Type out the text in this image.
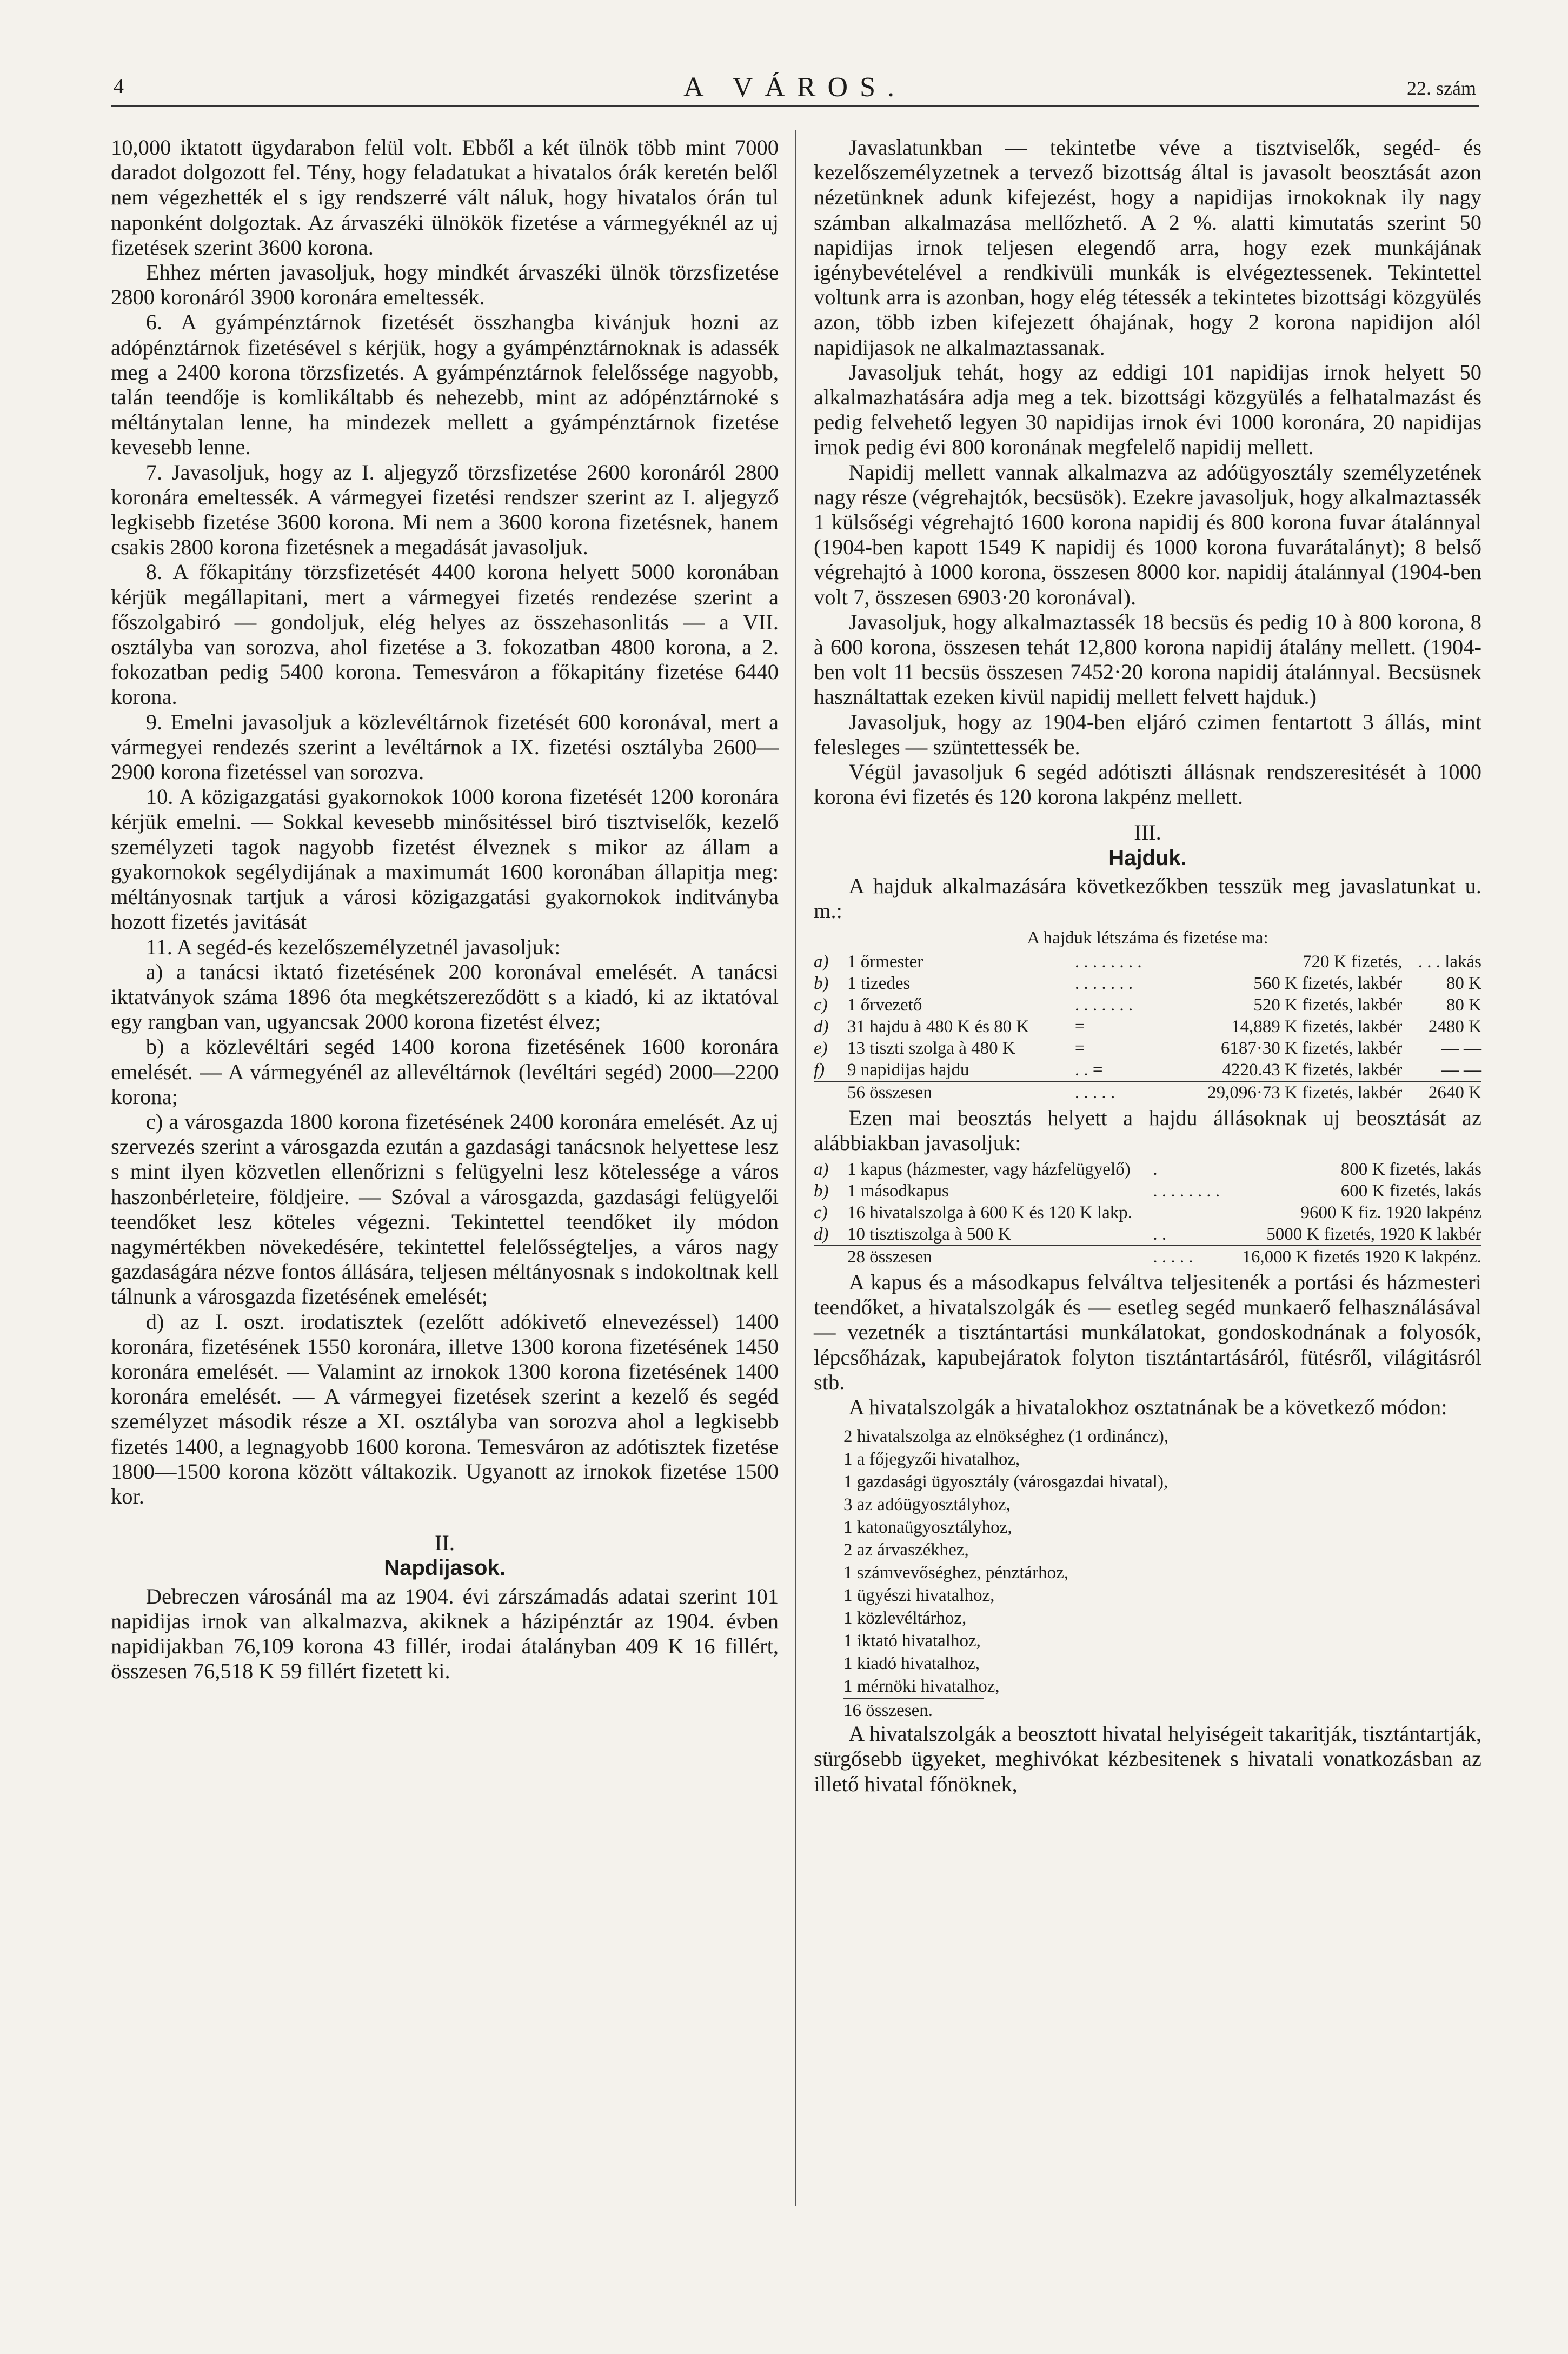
4	A VÁROS.	22. szám

10,000 iktatott ügydarabon felül volt. Ebből a két ülnök több mint 7000 daradot dolgozott fel. Tény, hogy feladatukat a hivatalos órák keretén belől nem végezhették el s igy rendszerré vált náluk, hogy hivatalos órán tul naponként dolgoztak. Az árvaszéki ülnökök fizetése a vármegyéknél az uj fizetések szerint 3600 korona.

Ehhez mérten javasoljuk, hogy mindkét árvaszéki ülnök törzsfizetése 2800 koronáról 3900 koronára emeltessék.

6. A gyámpénztárnok fizetését összhangba kivánjuk hozni az adópénztárnok fizetésével s kérjük, hogy a gyámpénztárnoknak is adassék meg a 2400 korona törzsfizetés. A gyámpénztárnok felelőssége nagyobb, talán teendője is komlikáltabb és nehezebb, mint az adópénztárnoké s méltánytalan lenne, ha mindezek mellett a gyámpénztárnok fizetése kevesebb lenne.

7. Javasoljuk, hogy az I. aljegyző törzsfizetése 2600 koronáról 2800 koronára emeltessék. A vármegyei fizetési rendszer szerint az I. aljegyző legkisebb fizetése 3600 korona. Mi nem a 3600 korona fizetésnek, hanem csakis 2800 korona fizetésnek a megadását javasoljuk.

8. A főkapitány törzsfizetését 4400 korona helyett 5000 koronában kérjük megállapitani, mert a vármegyei fizetés rendezése szerint a főszolgabiró — gondoljuk, elég helyes az összehasonlitás — a VII. osztályba van sorozva, ahol fizetése a 3. fokozatban 4800 korona, a 2. fokozatban pedig 5400 korona. Temesváron a főkapitány fizetése 6440 korona.

9. Emelni javasoljuk a közlevéltárnok fizetését 600 koronával, mert a vármegyei rendezés szerint a levéltárnok a IX. fizetési osztályba 2600—2900 korona fizetéssel van sorozva.

10. A közigazgatási gyakornokok 1000 korona fizetését 1200 koronára kérjük emelni. — Sokkal kevesebb minősitéssel biró tisztviselők, kezelő személyzeti tagok nagyobb fizetést élveznek s mikor az állam a gyakornokok segélydijának a maximumát 1600 koronában állapitja meg: méltányosnak tartjuk a városi közigazgatási gyakornokok inditványba hozott fizetés javitását

11. A segéd-és kezelőszemélyzetnél javasoljuk:

a) a tanácsi iktató fizetésének 200 koronával emelését. A tanácsi iktatványok száma 1896 óta megkétszereződött s a kiadó, ki az iktatóval egy rangban van, ugyancsak 2000 korona fizetést élvez;

b) a közlevéltári segéd 1400 korona fizetésének 1600 koronára emelését. — A vármegyénél az allevéltárnok (levéltári segéd) 2000—2200 korona;

c) a városgazda 1800 korona fizetésének 2400 koronára emelését. Az uj szervezés szerint a városgazda ezután a gazdasági tanácsnok helyettese lesz s mint ilyen közvetlen ellenőrizni s felügyelni lesz kötelessége a város haszonbérleteire, földjeire. — Szóval a városgazda, gazdasági felügyelői teendőket lesz köteles végezni. Tekintettel teendőket ily módon nagymértékben növekedésére, tekintettel felelősségteljes, a város nagy gazdaságára nézve fontos állására, teljesen méltányosnak s indokoltnak kell tálnunk a városgazda fizetésének emelését;

d) az I. oszt. irodatisztek (ezelőtt adókivető elnevezéssel) 1400 koronára, fizetésének 1550 koronára, illetve 1300 korona fizetésének 1450 koronára emelését. — Valamint az irnokok 1300 korona fizetésének 1400 koronára emelését. — A vármegyei fizetések szerint a kezelő és segéd személyzet második része a XI. osztályba van sorozva ahol a legkisebb fizetés 1400, a legnagyobb 1600 korona. Temesváron az adótisztek fizetése 1800—1500 korona között váltakozik. Ugyanott az irnokok fizetése 1500 kor.

II.
Napdijasok.

Debreczen városánál ma az 1904. évi zárszámadás adatai szerint 101 napidijas irnok van alkalmazva, akiknek a házipénztár az 1904. évben napidijakban 76,109 korona 43 fillér, irodai átalányban 409 K 16 fillért, összesen 76,518 K 59 fillért fizetett ki.

Javaslatunkban — tekintetbe véve a tisztviselők, segéd- és kezelőszemélyzetnek a tervező bizottság által is javasolt beosztását azon nézetünknek adunk kifejezést, hogy a napidijas irnokoknak ily nagy számban alkalmazása mellőzhető. A 2 %. alatti kimutatás szerint 50 napidijas irnok teljesen elegendő arra, hogy ezek munkájának igénybevételével a rendkivüli munkák is elvégeztessenek. Tekintettel voltunk arra is azonban, hogy elég tétessék a tekintetes bizottsági közgyülés azon, több izben kifejezett óhajának, hogy 2 korona napidijon alól napidijasok ne alkalmaztassanak.

Javasoljuk tehát, hogy az eddigi 101 napidijas irnok helyett 50 alkalmazhatására adja meg a tek. bizottsági közgyülés a felhatalmazást és pedig felvehető legyen 30 napidijas irnok évi 1000 koronára, 20 napidijas irnok pedig évi 800 koronának megfelelő napidij mellett.

Napidij mellett vannak alkalmazva az adóügyosztály személyzetének nagy része (végrehajtók, becsüsök). Ezekre javasoljuk, hogy alkalmaztassék 1 külsőségi végrehajtó 1600 korona napidij és 800 korona fuvar átalánnyal (1904-ben kapott 1549 K napidij és 1000 korona fuvarátalányt); 8 belső végrehajtó à 1000 korona, összesen 8000 kor. napidij átalánnyal (1904-ben volt 7, összesen 6903·20 koronával).

Javasoljuk, hogy alkalmaztassék 18 becsüs és pedig 10 à 800 korona, 8 à 600 korona, összesen tehát 12,800 korona napidij átalány mellett. (1904-ben volt 11 becsüs összesen 7452·20 korona napidij átalánnyal. Becsüsnek használtattak ezeken kivül napidij mellett felvett hajduk.)

Javasoljuk, hogy az 1904-ben eljáró czimen fentartott 3 állás, mint felesleges — szüntettessék be.

Végül javasoljuk 6 segéd adótiszti állásnak rendszeresitését à 1000 korona évi fizetés és 120 korona lakpénz mellett.

III.
Hajduk.

A hajduk alkalmazására következőkben tesszük meg javaslatunkat u. m.:

A hajduk létszáma és fizetése ma:
a)	1 őrmester	. . . . . . . .	720 K fizetés,	. . . lakás
b)	1 tizedes	. . . . . . .	560 K fizetés, lakbér	80 K
c)	1 őrvezető	. . . . . . .	520 K fizetés, lakbér	80 K
d)	31 hajdu à 480 K és 80 K	=	14,889 K fizetés, lakbér	2480 K
e)	13 tiszti szolga à 480 K	=	6187·30 K fizetés, lakbér	— —
f)	9 napidijas hajdu	. . =	4220.43 K fizetés, lakbér	— —
	56 összesen	. . . . .	29,096·73 K fizetés, lakbér	2640 K

Ezen mai beosztás helyett a hajdu állásoknak uj beosztását az alábbiakban javasoljuk:

a)	1 kapus (házmester, vagy házfelügyelő)	.	800 K fizetés, lakás
b)	1 másodkapus	. . . . . . . .	600 K fizetés, lakás
c)	16 hivatalszolga à 600 K és 120 K lakp.		9600 K fiz. 1920 lakpénz
d)	10 tisztiszolga à 500 K	. .	5000 K fizetés, 1920 K lakbér
	28 összesen	. . . . .	16,000 K fizetés 1920 K lakpénz.

A kapus és a másodkapus felváltva teljesitenék a portási és házmesteri teendőket, a hivatalszolgák és — esetleg segéd munkaerő felhasználásával — vezetnék a tisztántartási munkálatokat, gondoskodnának a folyosók, lépcsőházak, kapubejáratok folyton tisztántartásáról, fütésről, világitásról stb.

A hivatalszolgák a hivatalokhoz osztatnának be a következő módon:

2 hivatalszolga az elnökséghez (1 ordináncz),
1 a főjegyzői hivatalhoz,
1 gazdasági ügyosztály (városgazdai hivatal),
3 az adóügyosztályhoz,
1 katonaügyosztályhoz,
2 az árvaszékhez,
1 számvevőséghez, pénztárhoz,
1 ügyészi hivatalhoz,
1 közlevéltárhoz,
1 iktató hivatalhoz,
1 kiadó hivatalhoz,
1 mérnöki hivatalhoz,
16 összesen.

A hivatalszolgák a beosztott hivatal helyiségeit takaritják, tisztántartják, sürgősebb ügyeket, meghivókat kézbesitenek s hivatali vonatkozásban az illető hivatal főnöknek,
